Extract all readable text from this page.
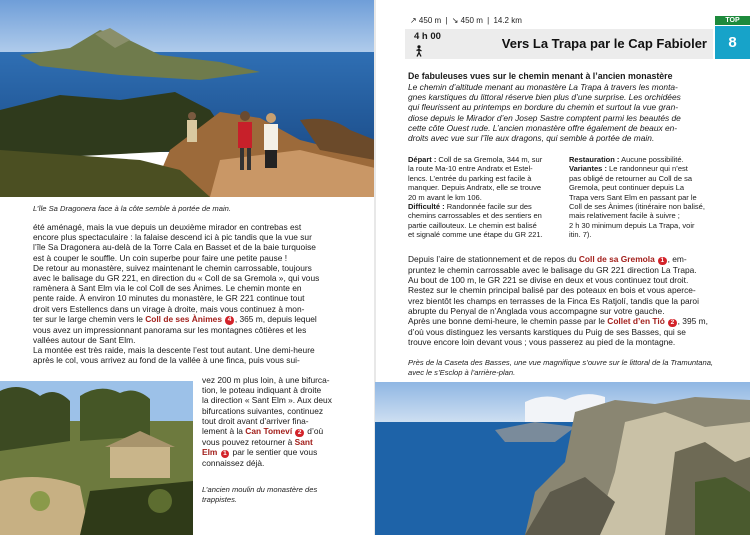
L’île Sa Dragonera face à la côte semble à portée de main.

été aménagé, mais la vue depuis un deuxième mirador en contrebas est

encore plus spectaculaire : la falaise descend ici à pic tandis que la vue sur

l’île Sa Dragonera au-delà de la Torre Cala en Basset et de la baie turquoise

est à couper le souffle. Un coin superbe pour faire une petite pause !

De retour au monastère, suivez maintenant le chemin carrossable, toujours

avec le balisage du GR 221, en direction du « Coll de sa Gremola », qui vous

ramènera à Sant Elm via le col Coll de ses Ànimes. Le chemin monte en

pente raide. À environ 10 minutes du monastère, le GR 221 continue tout

droit vers Estellencs dans un virage à droite, mais vous continuez à mon-

ter sur le large chemin vers le Coll de ses Ànimes 4 , 365 m, depuis lequel

vous avez un impressionnant panorama sur les montagnes côtières et les

vallées autour de Sant Elm.

La montée est très raide, mais la descente l’est tout autant. Une demi-heure

après le col, vous arrivez au fond de la vallée à une finca, puis vous sui-

vez 200 m plus loin, à une bifurca-

tion, le poteau indiquant à droite

la direction « Sant Elm ». Aux deux

bifurcations suivantes, continuez

tout droit avant d’arriver fina-

lement à la Can Tomeví 2 d’où

vous pouvez retourner à Sant

Elm 1 par le sentier que vous

connaissez déjà.

L’ancien moulin du monastère des
trappistes.

↗ 450 m | ↘ 450 m | 14.2 km
4 h 00	Vers La Trapa par le Cap Fabioler
TOP
8
De fabuleuses vues sur le chemin menant à l’ancien monastère
Le chemin d’altitude menant au monastère La Trapa à travers les monta-
gnes karstiques du littoral réserve bien plus d’une surprise. Les orchidées
qui fleurissent au printemps en bordure du chemin et surtout la vue gran-
diose depuis le Mirador d’en Josep Sastre comptent parmi les beautés de
cette côte Ouest rude. L’ancien monastère offre également de beaux en-
droits avec vue sur l’île aux dragons, qui semble à portée de main.

Départ : Coll de sa Gremola, 344 m, sur

la route Ma-10 entre Andratx et Estel-

lencs. L’entrée du parking est facile à

manquer. Depuis Andratx, elle se trouve

20 m avant le km 106.

Difficulté : Randonnée facile sur des

chemins carrossables et des sentiers en

partie caillouteux. Le chemin est balisé

et signalé comme une étape du GR 221.

Restauration : Aucune possibilité.

Variantes : Le randonneur qui n’est

pas obligé de retourner au Coll de sa

Gremola, peut continuer depuis La

Trapa vers Sant Elm en passant par le

Coll de ses Ànimes (itinéraire non balisé,

mais relativement facile à suivre ;

2 h 30 minimum depuis La Trapa, voir

itin. 7).

Depuis l’aire de stationnement et de repos du Coll de sa Gremola 1 , em-

pruntez le chemin carrossable avec le balisage du GR 221 direction La Trapa.

Au bout de 100 m, le GR 221 se divise en deux et vous continuez tout droit.

Restez sur le chemin principal balisé par des poteaux en bois et vous aperce-

vrez bientôt les champs en terrasses de la Finca Es Ratjolí, tandis que la paroi

abrupte du Penyal de n’Anglada vous accompagne sur votre gauche.

Après une bonne demi-heure, le chemin passe par le Collet d’en Tió 2 , 395 m,

d’où vous distinguez les versants karstiques du Puig de ses Basses, qui se

trouve encore loin devant vous ; vous passerez au pied de la montagne.

Près de la Caseta des Basses, une vue magnifique s’ouvre sur le littoral de la Tramuntana,
avec le s’Esclop à l’arrière-plan.
